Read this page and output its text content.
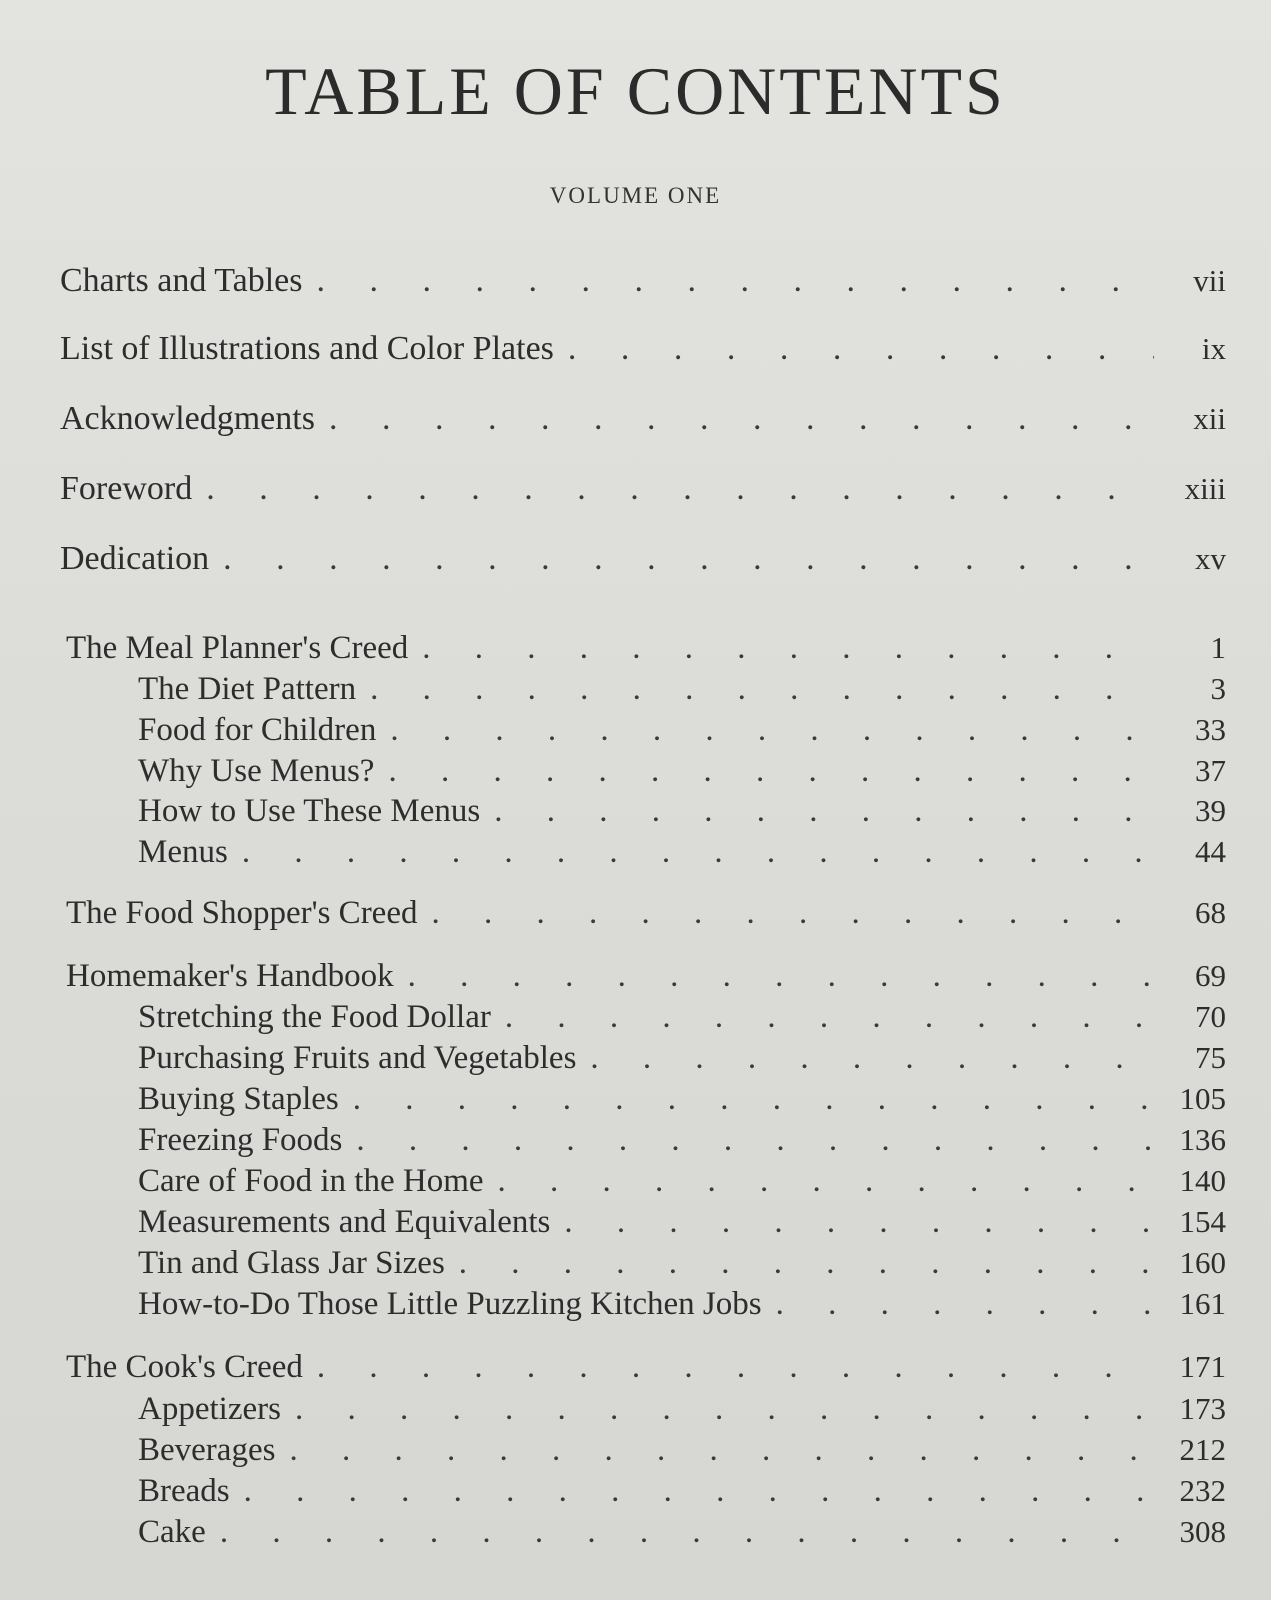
TABLE OF CONTENTS
VOLUME ONE
Charts and Tables . . .	vii
List of Illustrations and Color Plates . . .	ix
Acknowledgments . . .	xii
Foreword . . .	xiii
Dedication . . .	xv
The Meal Planner's Creed . . .	1
The Diet Pattern . . .	3
Food for Children . . .	33
Why Use Menus? . . .	37
How to Use These Menus . . .	39
Menus . . .	44
The Food Shopper's Creed . . .	68
Homemaker's Handbook . . .	69
Stretching the Food Dollar . . .	70
Purchasing Fruits and Vegetables . . .	75
Buying Staples . . .	105
Freezing Foods . . .	136
Care of Food in the Home . . .	140
Measurements and Equivalents . . .	154
Tin and Glass Jar Sizes . . .	160
How-to-Do Those Little Puzzling Kitchen Jobs . . .	161
The Cook's Creed . . .	171
Appetizers . . .	173
Beverages . . .	212
Breads . . .	232
Cake . . .	308
